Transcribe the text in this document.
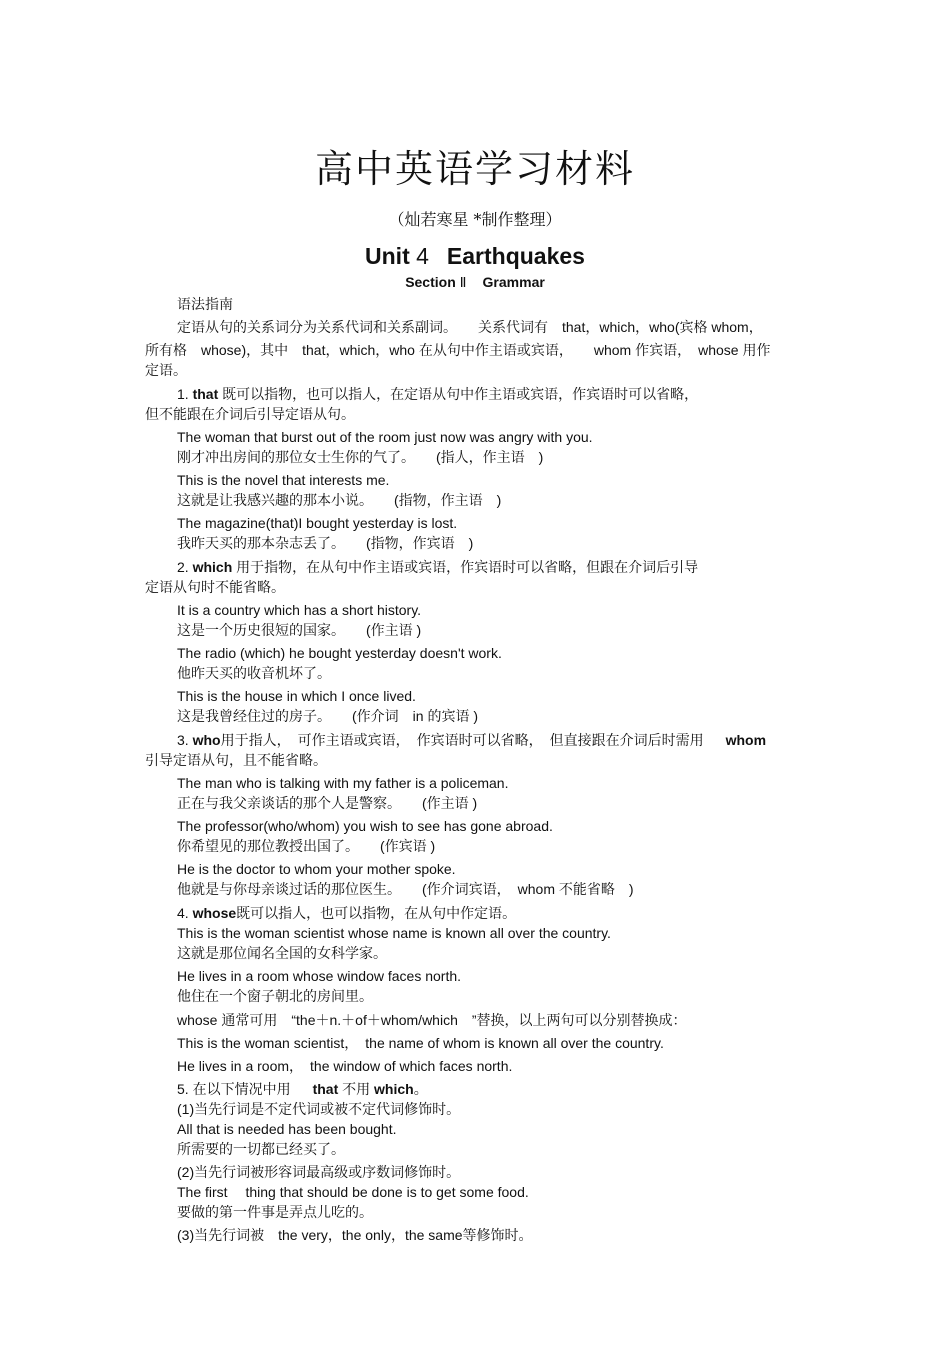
高中英语学习材料
（灿若寒星 *制作整理）
Unit 4 Earthquakes
Section Ⅱ Grammar

语法指南

定语从句的关系词分为关系代词和关系副词。　　关系代词有　that，which，who(宾格 whom，

所有格　whose)，其中　that，which，who 在从句中作主语或宾语，　　whom 作宾语，　whose 用作

定语。

1. that 既可以指物，也可以指人，在定语从句中作主语或宾语，作宾语时可以省略，

但不能跟在介词后引导定语从句。

The woman that burst out of the room just now was angry with you.

刚才冲出房间的那位女士生你的气了。　　(指人，作主语　)

This is the novel that interests me.

这就是让我感兴趣的那本小说。　　(指物，作主语　)

The magazine(that)I bought yesterday is lost.

我昨天买的那本杂志丢了。　　(指物，作宾语　)

2. which 用于指物，在从句中作主语或宾语，作宾语时可以省略，但跟在介词后引导

定语从句时不能省略。

It is a country which has a short history.

这是一个历史很短的国家。　　(作主语 )

The radio (which) he bought yesterday doesn't work.

他昨天买的收音机坏了。

This is the house in which I once lived.

这是我曾经住过的房子。　　(作介词　in 的宾语 )

3. who用于指人，　可作主语或宾语，　作宾语时可以省略，　但直接跟在介词后时需用 whom

引导定语从句，且不能省略。

The man who is talking with my father is a policeman.

正在与我父亲谈话的那个人是警察。　　(作主语 )

The professor(who/whom) you wish to see has gone abroad.

你希望见的那位教授出国了。　　(作宾语 )

He is the doctor to whom your mother spoke.

他就是与你母亲谈过话的那位医生。　　(作介词宾语，　whom 不能省略　)

4. whose既可以指人，也可以指物，在从句中作定语。

This is the woman scientist whose name is known all over the country.

这就是那位闻名全国的女科学家。

He lives in a room whose window faces north.

他住在一个窗子朝北的房间里。

whose 通常可用　“the＋n.＋of＋whom/which　”替换，以上两句可以分别替换成：

This is the woman scientist，　the name of whom is known all over the country.

He lives in a room，　the window of which faces north.

5. 在以下情况中用 that 不用 which。

(1)当先行词是不定代词或被不定代词修饰时。

All that is needed has been bought.

所需要的一切都已经买了。

(2)当先行词被形容词最高级或序数词修饰时。

The first　 thing that should be done is to get some food.

要做的第一件事是弄点儿吃的。

(3)当先行词被　the very，the only，the same等修饰时。
